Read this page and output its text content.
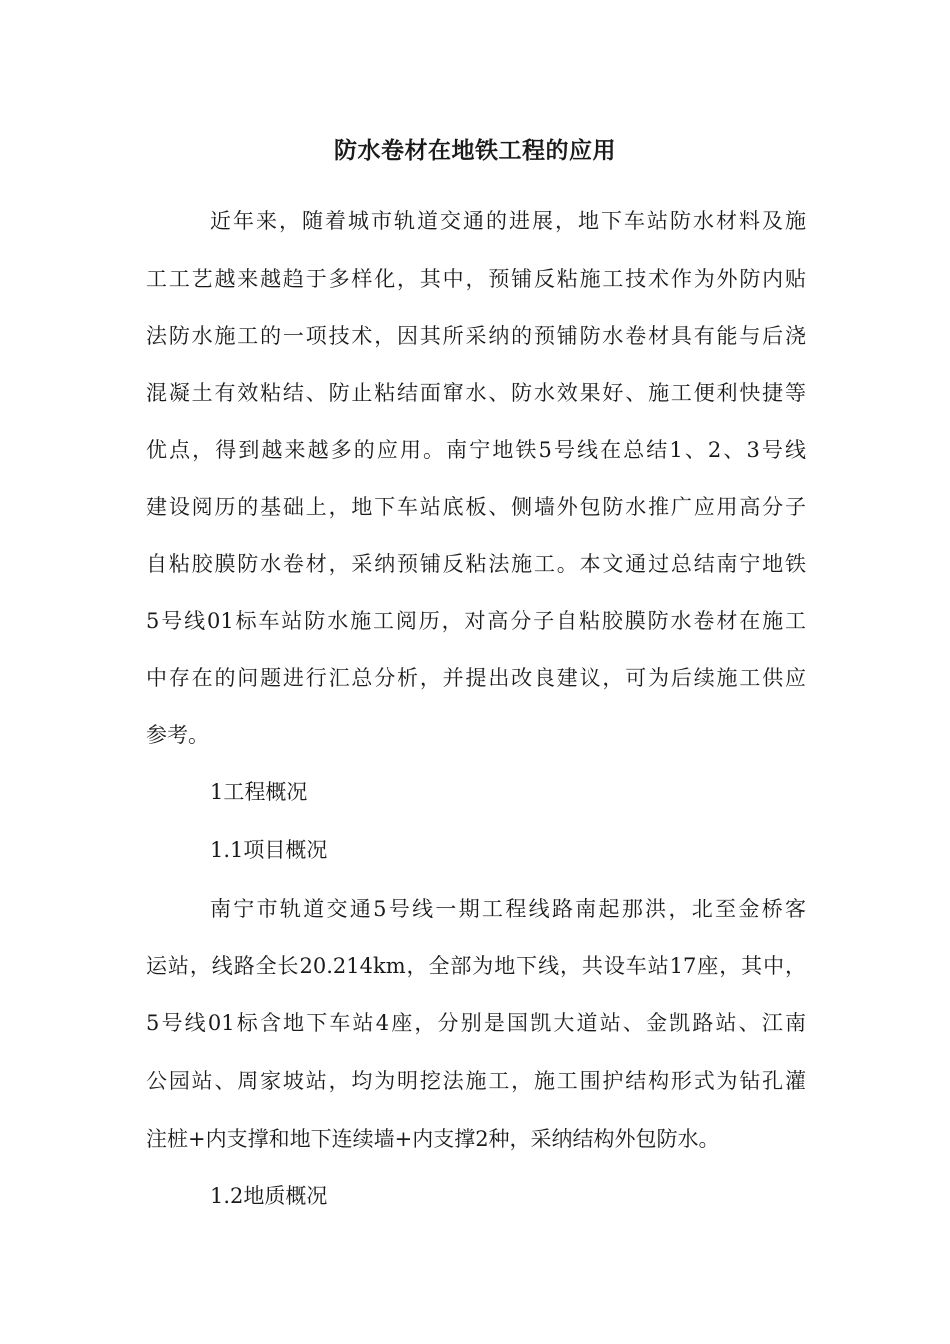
防水卷材在地铁工程的应用
近年来，随着城市轨道交通的进展，地下车站防水材料及施
工工艺越来越趋于多样化，其中，预铺反粘施工技术作为外防内贴
法防水施工的一项技术，因其所采纳的预铺防水卷材具有能与后浇
混凝土有效粘结、防止粘结面窜水、防水效果好、施工便利快捷等
优点，得到越来越多的应用。南宁地铁5号线在总结1、2、3号线
建设阅历的基础上，地下车站底板、侧墙外包防水推广应用高分子
自粘胶膜防水卷材，采纳预铺反粘法施工。本文通过总结南宁地铁
5号线01标车站防水施工阅历，对高分子自粘胶膜防水卷材在施工
中存在的问题进行汇总分析，并提出改良建议，可为后续施工供应
参考。
1工程概况
1.1项目概况
南宁市轨道交通5号线一期工程线路南起那洪，北至金桥客
运站，线路全长20.214km，全部为地下线，共设车站17座，其中，
5号线01标含地下车站4座，分别是国凯大道站、金凯路站、江南
公园站、周家坡站，均为明挖法施工，施工围护结构形式为钻孔灌
注桩+内支撑和地下连续墙+内支撑2种，采纳结构外包防水。
1.2地质概况
